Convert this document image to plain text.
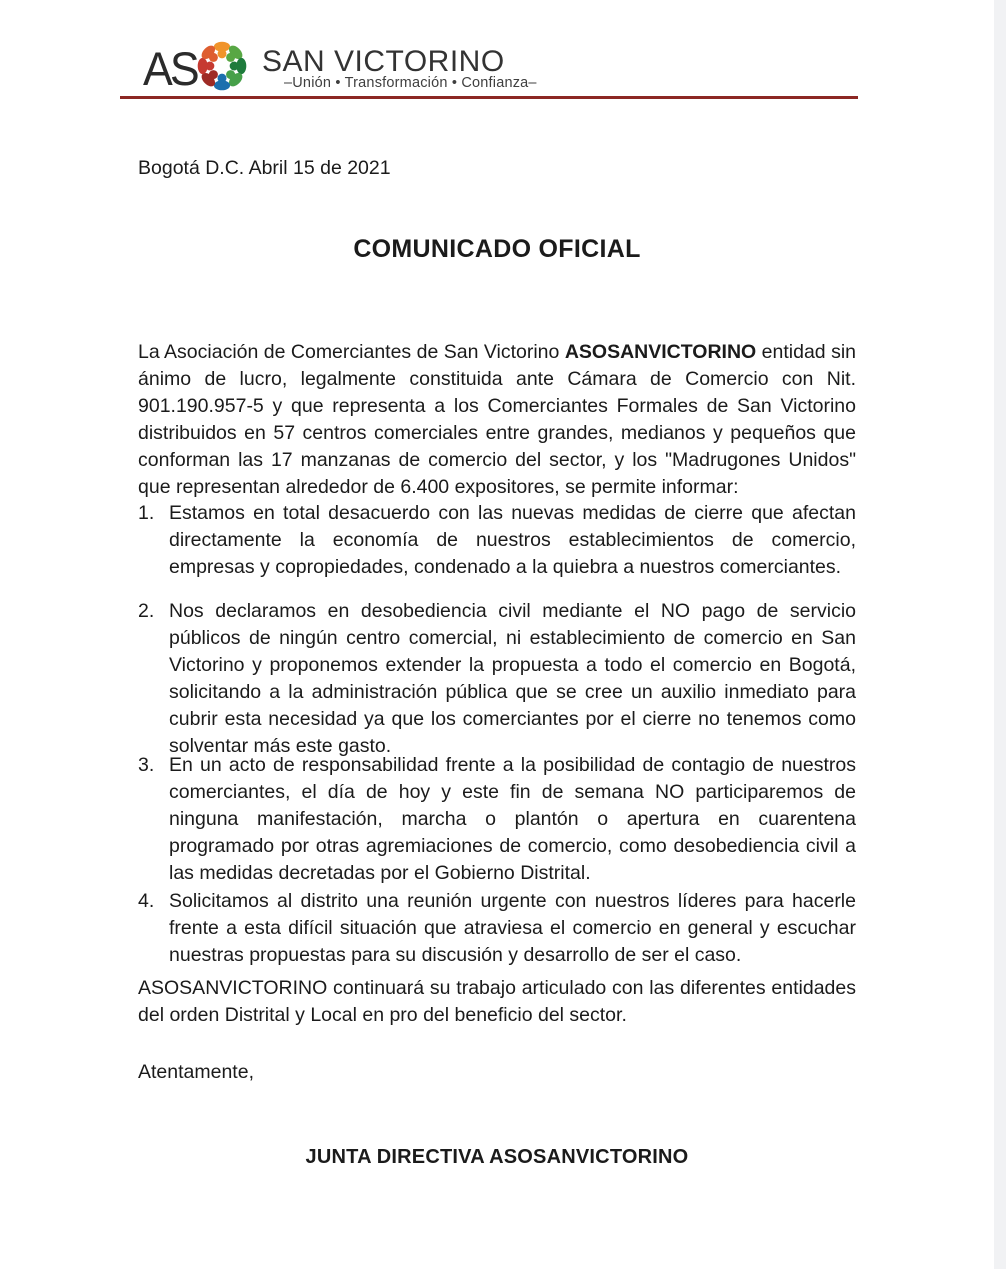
AS SAN VICTORINO
–Unión • Transformación • Confianza–
Bogotá D.C. Abril 15 de 2021
COMUNICADO OFICIAL
La Asociación de Comerciantes de San Victorino ASOSANVICTORINO entidad sin ánimo de lucro, legalmente constituida ante Cámara de Comercio con Nit. 901.190.957-5 y que representa a los Comerciantes Formales de San Victorino distribuidos en 57 centros comerciales entre grandes, medianos y pequeños que conforman las 17 manzanas de comercio del sector, y los "Madrugones Unidos" que representan alrededor de 6.400 expositores, se permite informar:
1. Estamos en total desacuerdo con las nuevas medidas de cierre que afectan directamente la economía de nuestros establecimientos de comercio, empresas y copropiedades, condenado a la quiebra a nuestros comerciantes.
2. Nos declaramos en desobediencia civil mediante el NO pago de servicio públicos de ningún centro comercial, ni establecimiento de comercio en San Victorino y proponemos extender la propuesta a todo el comercio en Bogotá, solicitando a la administración pública que se cree un auxilio inmediato para cubrir esta necesidad ya que los comerciantes por el cierre no tenemos como solventar más este gasto.
3. En un acto de responsabilidad frente a la posibilidad de contagio de nuestros comerciantes, el día de hoy y este fin de semana NO participaremos de ninguna manifestación, marcha o plantón o apertura en cuarentena programado por otras agremiaciones de comercio, como desobediencia civil a las medidas decretadas por el Gobierno Distrital.
4. Solicitamos al distrito una reunión urgente con nuestros líderes para hacerle frente a esta difícil situación que atraviesa el comercio en general y escuchar nuestras propuestas para su discusión y desarrollo de ser el caso.
ASOSANVICTORINO continuará su trabajo articulado con las diferentes entidades del orden Distrital y Local en pro del beneficio del sector.
Atentamente,
JUNTA DIRECTIVA ASOSANVICTORINO
